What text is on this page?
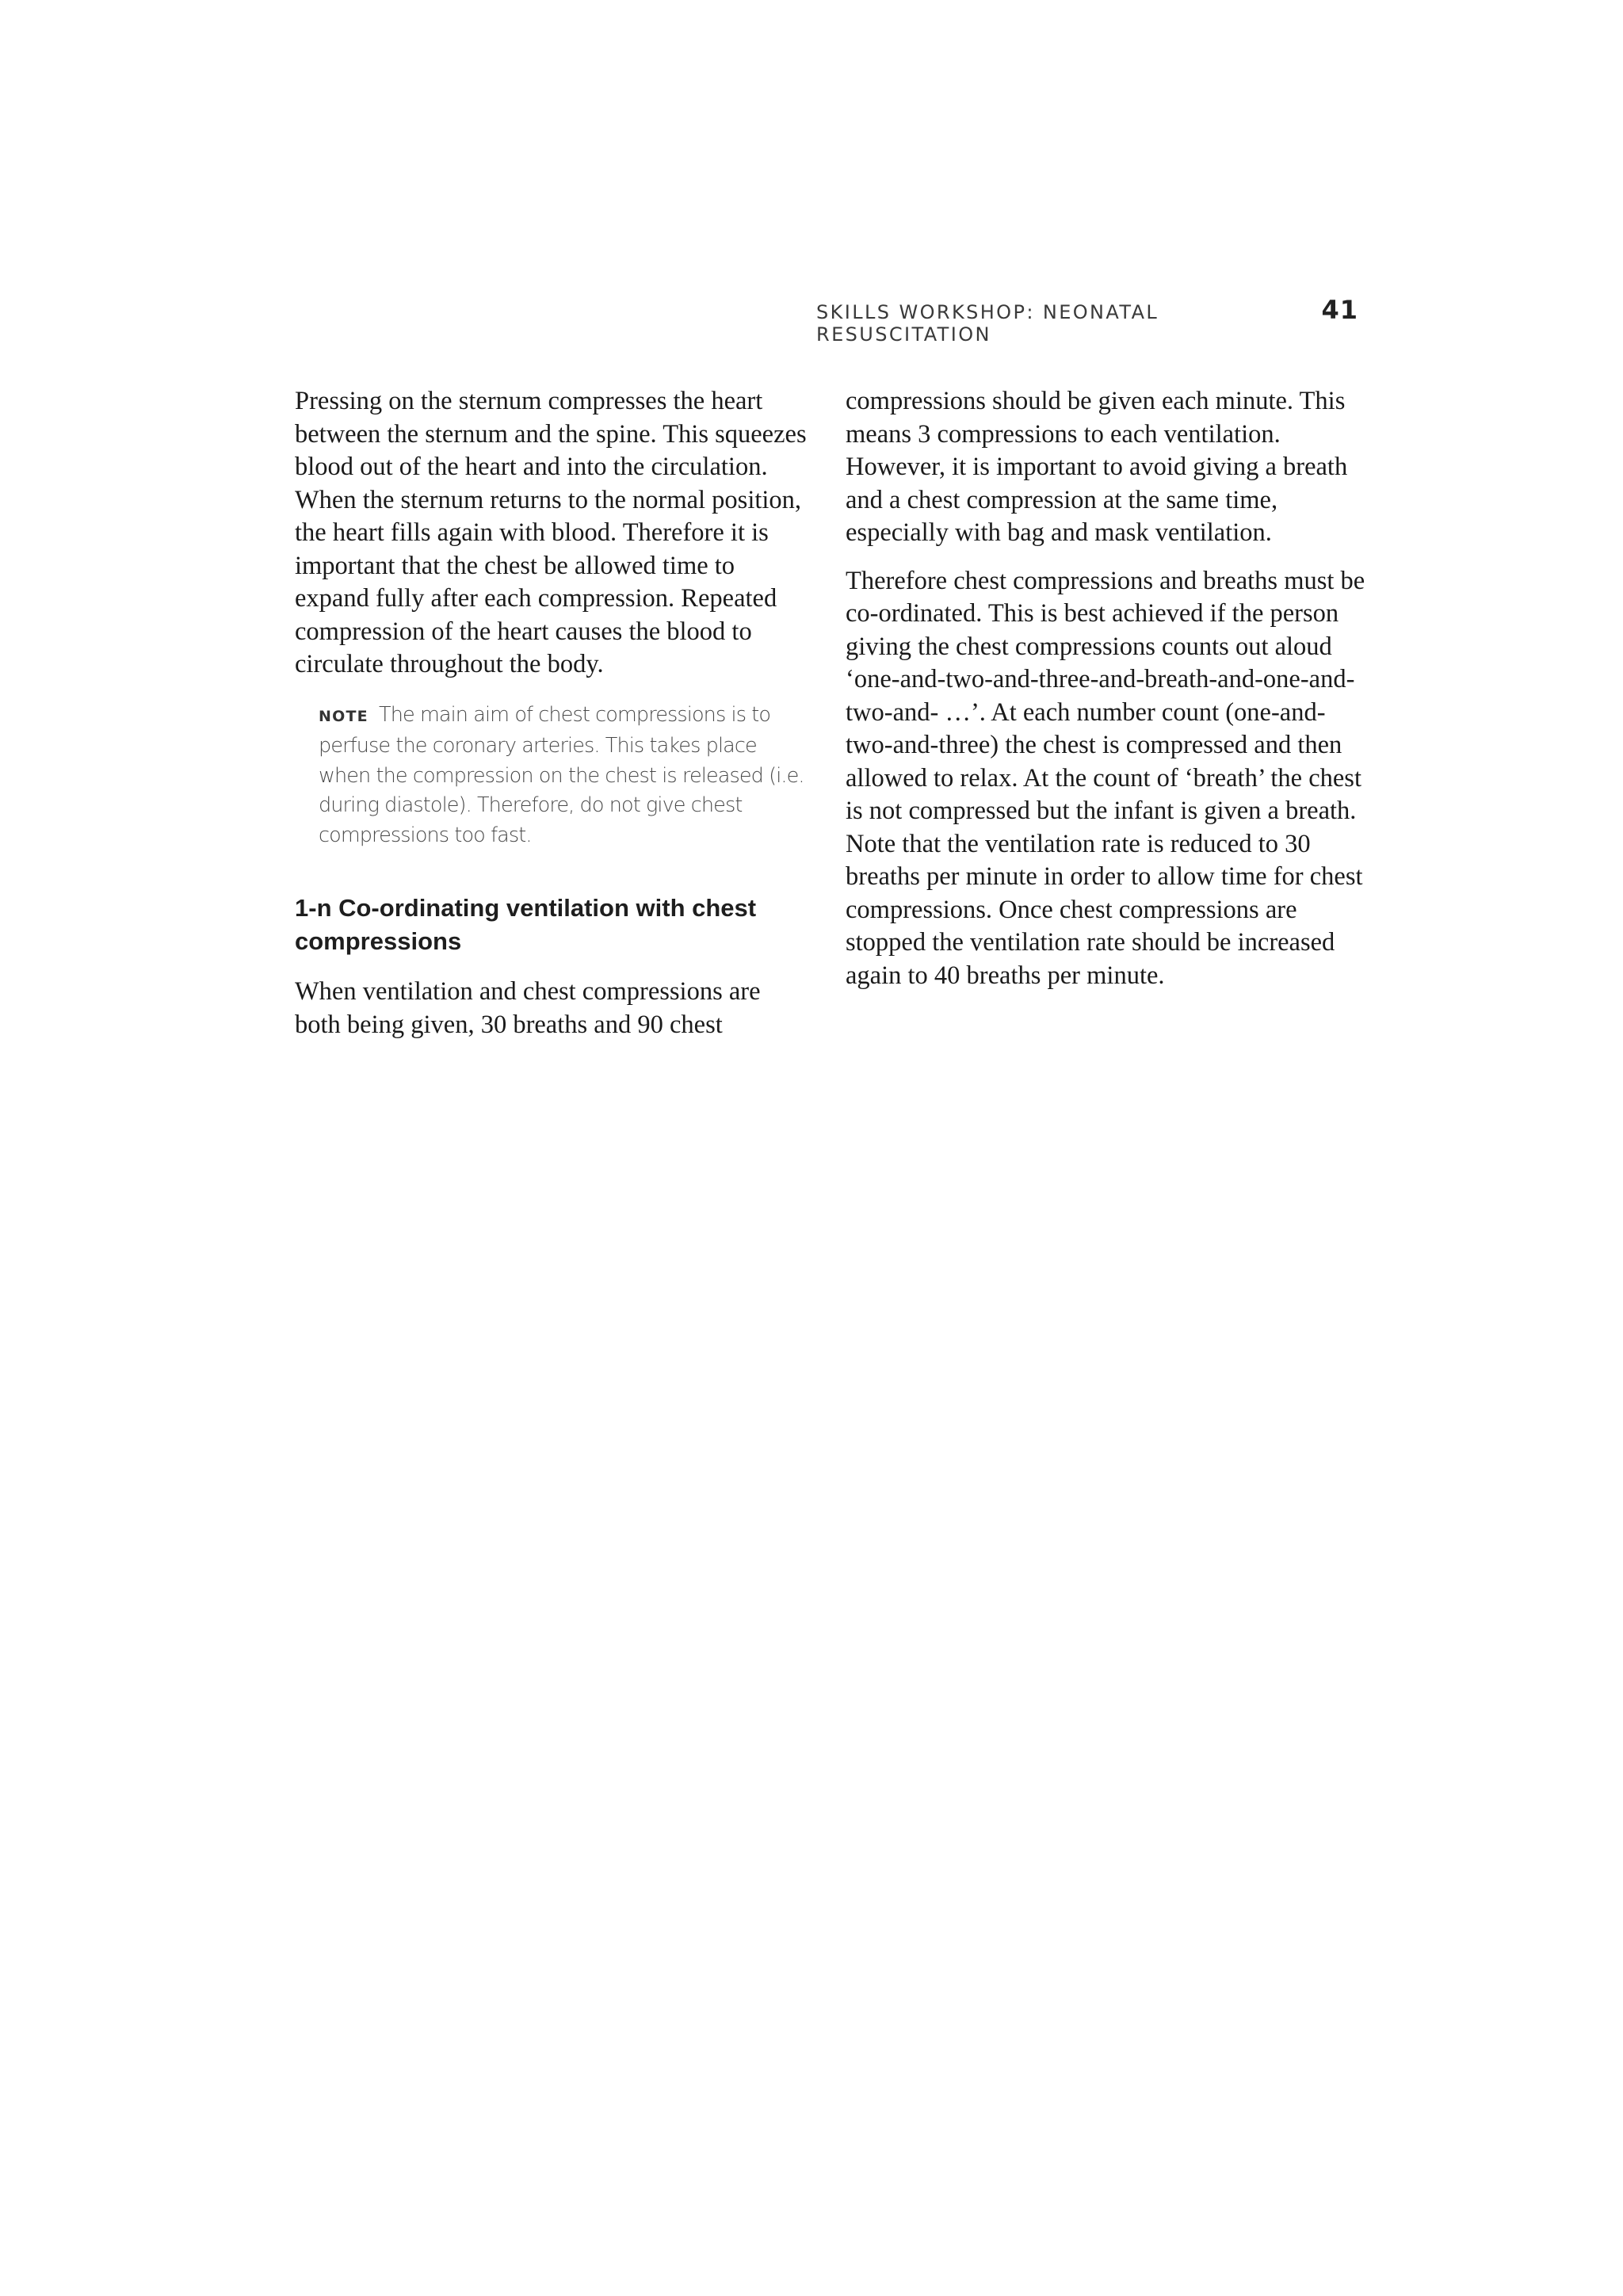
SKILLS WORKSHOP: NEONATAL RESUSCITATION
41

Pressing on the sternum compresses the heart between the sternum and the spine. This squeezes blood out of the heart and into the circulation. When the sternum returns to the normal position, the heart fills again with blood. Therefore it is important that the chest be allowed time to expand fully after each compression. Repeated compression of the heart causes the blood to circulate throughout the body.

NOTE The main aim of chest compressions is to perfuse the coronary arteries. This takes place when the compression on the chest is released (i.e. during diastole). Therefore, do not give chest compressions too fast.
1-n Co-ordinating ventilation with chest compressions

When ventilation and chest compressions are both being given, 30 breaths and 90 chest

compressions should be given each minute. This means 3 compressions to each ventilation. However, it is important to avoid giving a breath and a chest compression at the same time, especially with bag and mask ventilation.

Therefore chest compressions and breaths must be co-ordinated. This is best achieved if the person giving the chest compressions counts out aloud ‘one-and-two-and-three-and-breath-and-one-and-two-and- …’. At each number count (one-and-two-and-three) the chest is compressed and then allowed to relax. At the count of ‘breath’ the chest is not compressed but the infant is given a breath. Note that the ventilation rate is reduced to 30 breaths per minute in order to allow time for chest compressions. Once chest compressions are stopped the ventilation rate should be increased again to 40 breaths per minute.
